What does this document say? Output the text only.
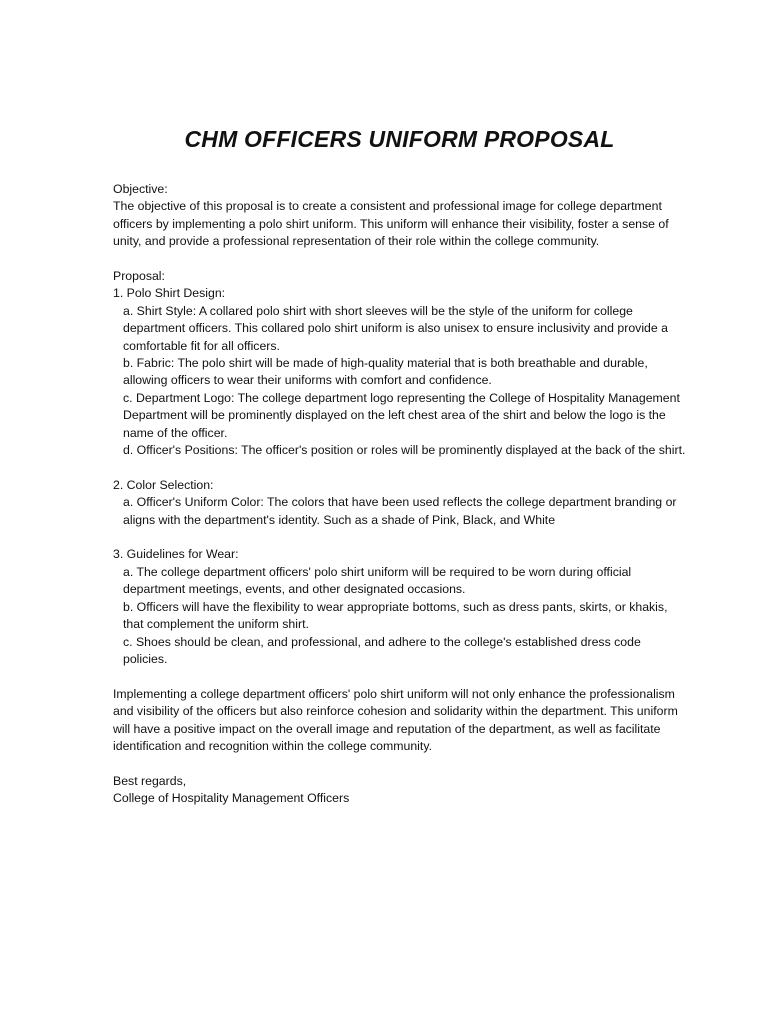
CHM OFFICERS UNIFORM PROPOSAL

Objective:

The objective of this proposal is to create a consistent and professional image for college department officers by implementing a polo shirt uniform. This uniform will enhance their visibility, foster a sense of unity, and provide a professional representation of their role within the college community.

Proposal:

1. Polo Shirt Design:

a. Shirt Style: A collared polo shirt with short sleeves will be the style of the uniform for college department officers. This collared polo shirt uniform is also unisex to ensure inclusivity and provide a comfortable fit for all officers.

b. Fabric: The polo shirt will be made of high-quality material that is both breathable and durable, allowing officers to wear their uniforms with comfort and confidence.

c. Department Logo: The college department logo representing the College of Hospitality Management Department will be prominently displayed on the left chest area of the shirt and below the logo is the name of the officer.

d. Officer's Positions: The officer's position or roles will be prominently displayed at the back of the shirt.

2. Color Selection:

a. Officer's Uniform Color: The colors that have been used reflects the college department branding or aligns with the department's identity. Such as a shade of Pink, Black, and White

3. Guidelines for Wear:

a. The college department officers' polo shirt uniform will be required to be worn during official department meetings, events, and other designated occasions.

b. Officers will have the flexibility to wear appropriate bottoms, such as dress pants, skirts, or khakis, that complement the uniform shirt.

c. Shoes should be clean, and professional, and adhere to the college's established dress code policies.

Implementing a college department officers' polo shirt uniform will not only enhance the professionalism and visibility of the officers but also reinforce cohesion and solidarity within the department. This uniform will have a positive impact on the overall image and reputation of the department, as well as facilitate identification and recognition within the college community.

Best regards,

College of Hospitality Management Officers
